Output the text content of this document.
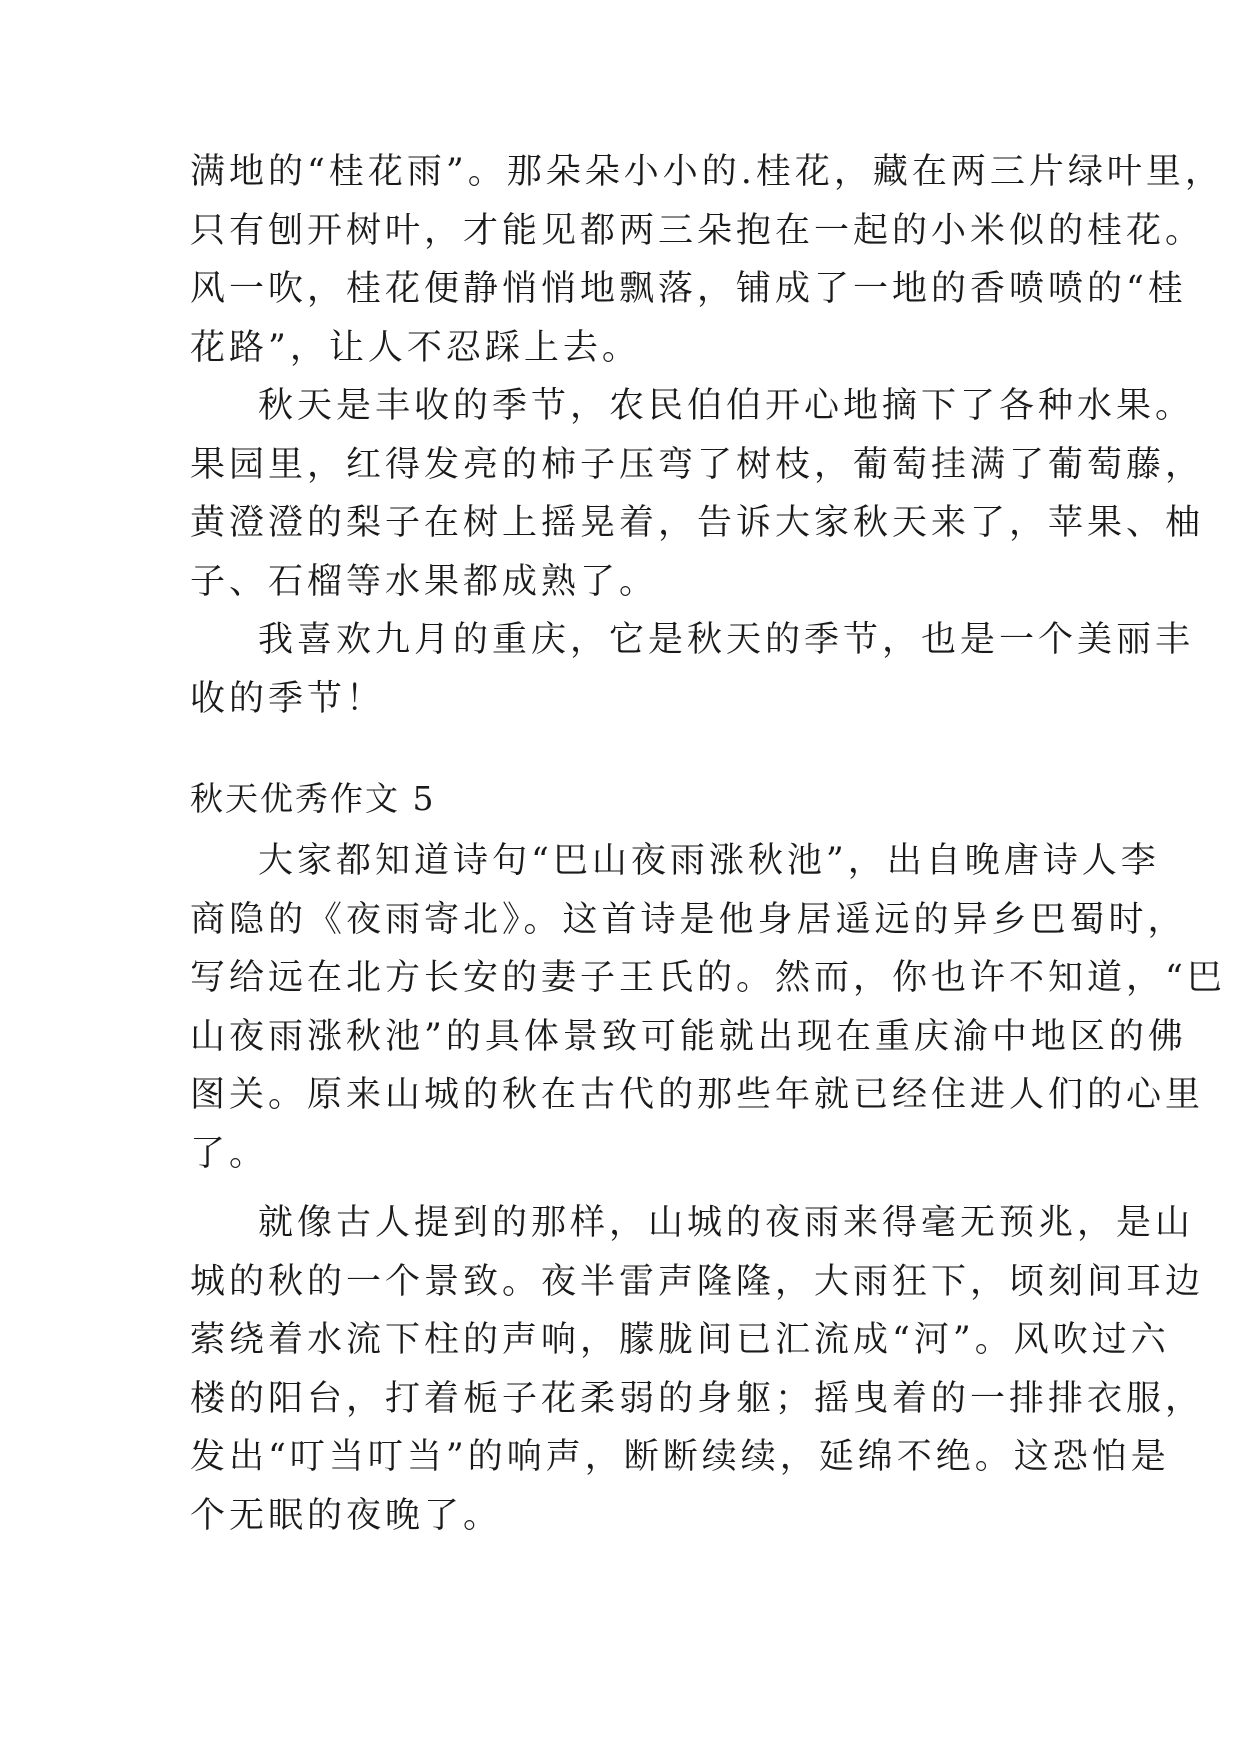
满地的“桂花雨”。那朵朵小小的.桂花，藏在两三片绿叶里，
只有刨开树叶，才能见都两三朵抱在一起的小米似的桂花。
风一吹，桂花便静悄悄地飘落，铺成了一地的香喷喷的“桂
花路”，让人不忍踩上去。
秋天是丰收的季节，农民伯伯开心地摘下了各种水果。
果园里，红得发亮的柿子压弯了树枝，葡萄挂满了葡萄藤，
黄澄澄的梨子在树上摇晃着，告诉大家秋天来了，苹果、柚
子、石榴等水果都成熟了。
我喜欢九月的重庆，它是秋天的季节，也是一个美丽丰
收的季节！
秋天优秀作文 5
大家都知道诗句“巴山夜雨涨秋池”，出自晚唐诗人李
商隐的《夜雨寄北》。这首诗是他身居遥远的异乡巴蜀时，
写给远在北方长安的妻子王氏的。然而，你也许不知道，“巴
山夜雨涨秋池”的具体景致可能就出现在重庆渝中地区的佛
图关。原来山城的秋在古代的那些年就已经住进人们的心里
了。
就像古人提到的那样，山城的夜雨来得毫无预兆，是山
城的秋的一个景致。夜半雷声隆隆，大雨狂下，顷刻间耳边
萦绕着水流下柱的声响，朦胧间已汇流成“河”。风吹过六
楼的阳台，打着栀子花柔弱的身躯；摇曳着的一排排衣服，
发出“叮当叮当”的响声，断断续续，延绵不绝。这恐怕是
个无眠的夜晚了。
